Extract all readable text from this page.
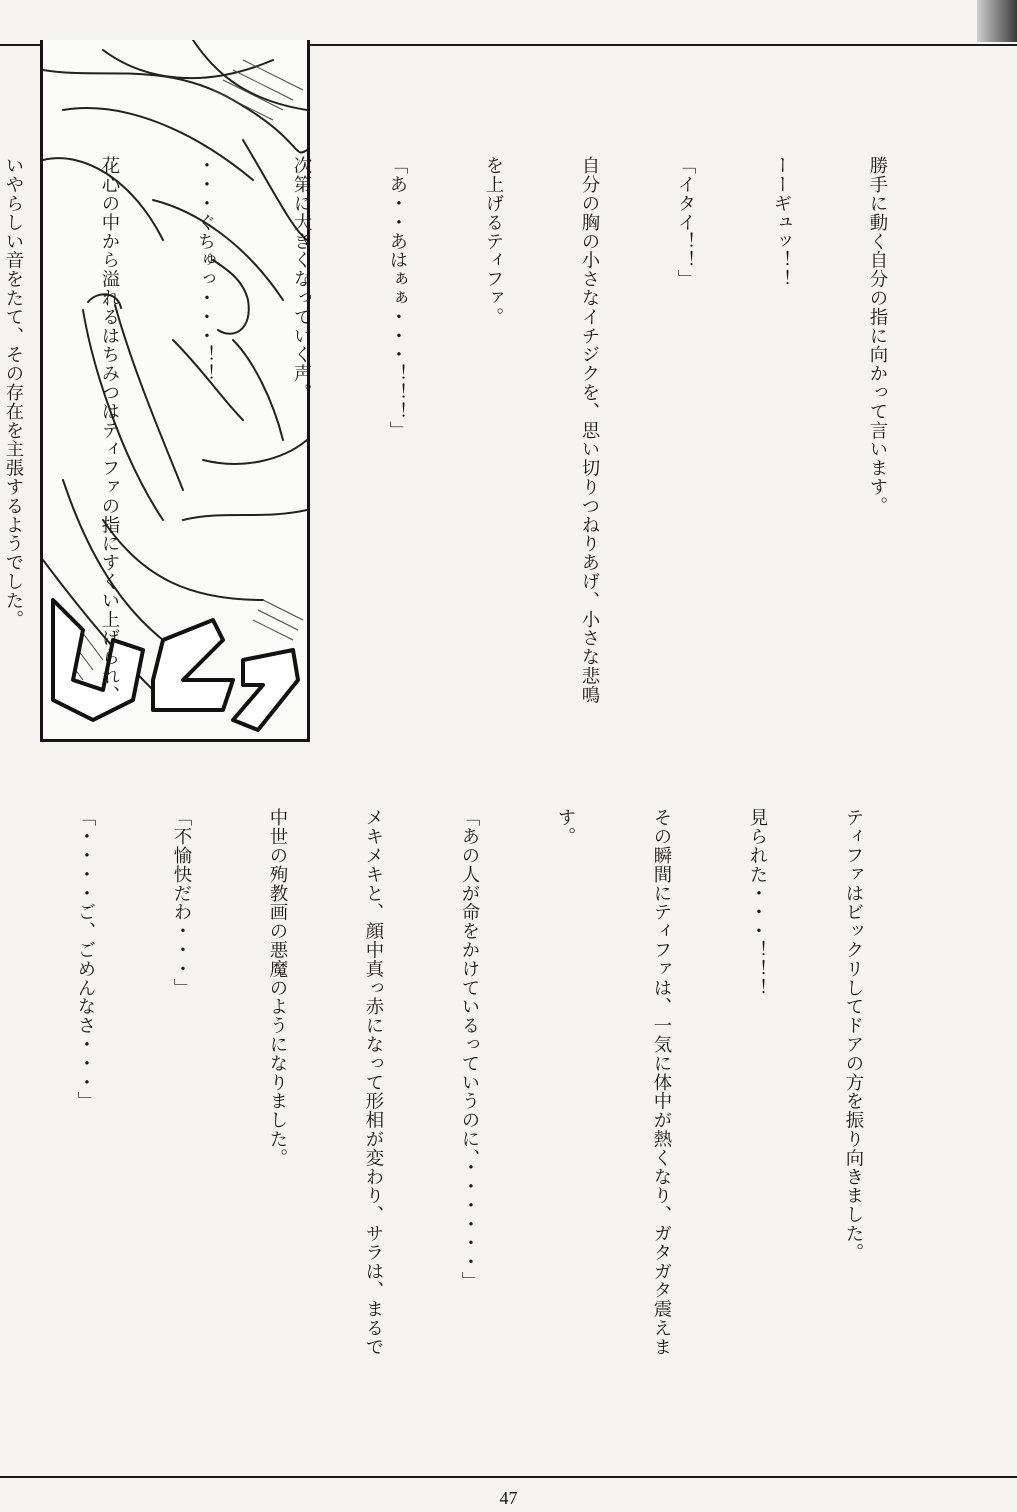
勝手に動く自分の指に向かって言います。

ーーギュッ！！

「イタイ！！」

自分の胸の小さなイチジクを、思い切りつねりあげ、小さな悲鳴

を上げるティファ。

「あ・・あはぁぁ・・・！！！」

次第に大きくなっていく声。

・・・ぐちゅっ・・・！！

花心の中から溢れるはちみつはティファの指にすくい上げられ、

いやらしい音をたて、その存在を主張するようでした。

ティファはビックリしてドアの方を振り向きました。

見られた・・・！！！

その瞬間にティファは、一気に体中が熱くなり、ガタガタ震えま

す。

「あの人が命をかけているっていうのに、・・・・・・」

メキメキと、顔中真っ赤になって形相が変わり、サラは、まるで

中世の殉教画の悪魔のようになりました。

「不愉快だわ・・・」

「・・・・ご、ごめんなさ・・・」

47
